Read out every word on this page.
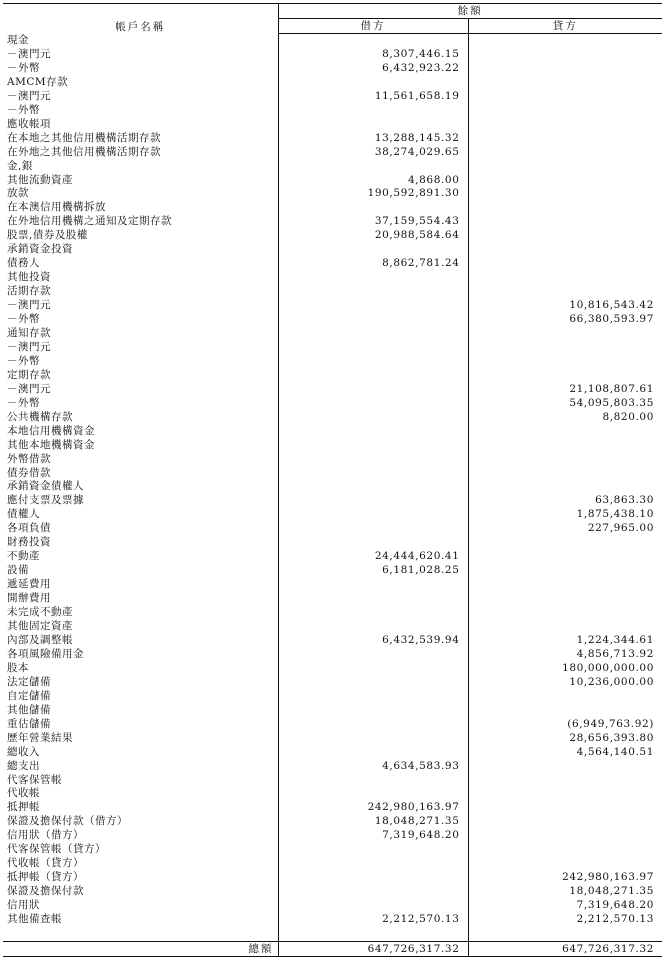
帳戶名稱	餘額	
	借方	貸方
現金		
－澳門元	8,307,446.15	
－外幣	6,432,923.22	
AMCM存款		
－澳門元	11,561,658.19	
－外幣		
應收帳項		
在本地之其他信用機構活期存款	13,288,145.32	
在外地之其他信用機構活期存款	38,274,029.65	
金,銀		
其他流動資產	4,868.00	
放款	190,592,891.30	
在本澳信用機構拆放		
在外地信用機構之通知及定期存款	37,159,554.43	
股票,債券及股權	20,988,584.64	
承銷資金投資		
債務人	8,862,781.24	
其他投資		
活期存款		
－澳門元		10,816,543.42
－外幣		66,380,593.97
通知存款		
－澳門元		
－外幣		
定期存款		
－澳門元		21,108,807.61
－外幣		54,095,803.35
公共機構存款		8,820.00
本地信用機構資金		
其他本地機構資金		
外幣借款		
債券借款		
承銷資金債權人		
應付支票及票據		63,863.30
債權人		1,875,438.10
各項負債		227,965.00
財務投資		
不動產	24,444,620.41	
設備	6,181,028.25	
遞延費用		
開辦費用		
未完成不動產		
其他固定資產		
內部及調整帳	6,432,539.94	1,224,344.61
各項風險備用金		4,856,713.92
股本		180,000,000.00
法定儲備		10,236,000.00
自定儲備		
其他儲備		
重估儲備		(6,949,763.92)
歷年營業結果		28,656,393.80
總收入		4,564,140.51
總支出	4,634,583.93	
代客保管帳		
代收帳		
抵押帳	242,980,163.97	
保證及擔保付款（借方）	18,048,271.35	
信用狀（借方）	7,319,648.20	
代客保管帳（貸方）		
代收帳（貸方）		
抵押帳（貸方）		242,980,163.97
保證及擔保付款		18,048,271.35
信用狀		7,319,648.20
其他備查帳	2,212,570.13	2,212,570.13

總額	647,726,317.32	647,726,317.32
